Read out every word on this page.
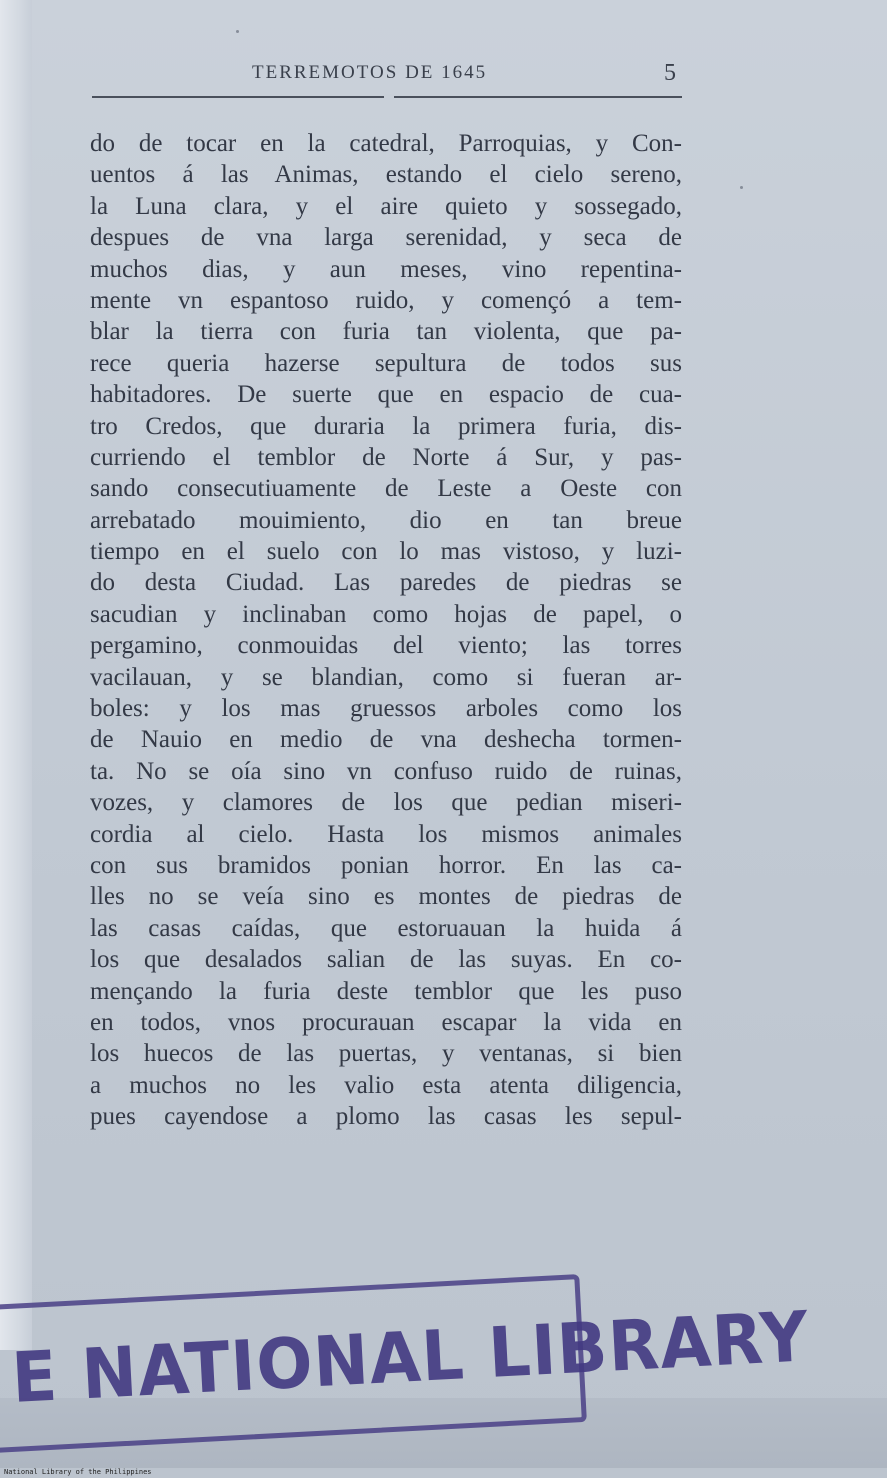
TERREMOTOS DE 1645	5
do de tocar en la catedral, Parroquias, y Con-
uentos á las Animas, estando el cielo sereno,
la Luna clara, y el aire quieto y sossegado,
despues de vna larga serenidad, y seca de
muchos dias, y aun meses, vino repentina-
mente vn espantoso ruido, y començó a tem-
blar la tierra con furia tan violenta, que pa-
rece queria hazerse sepultura de todos sus
habitadores. De suerte que en espacio de cua-
tro Credos, que duraria la primera furia, dis-
curriendo el temblor de Norte á Sur, y pas-
sando consecutiuamente de Leste a Oeste con
arrebatado mouimiento, dio en tan breue
tiempo en el suelo con lo mas vistoso, y luzi-
do desta Ciudad. Las paredes de piedras se
sacudian y inclinaban como hojas de papel, o
pergamino, conmouidas del viento; las torres
vacilauan, y se blandian, como si fueran ar-
boles: y los mas gruessos arboles como los
de Nauio en medio de vna deshecha tormen-
ta. No se oía sino vn confuso ruido de ruinas,
vozes, y clamores de los que pedian miseri-
cordia al cielo. Hasta los mismos animales
con sus bramidos ponian horror. En las ca-
lles no se veía sino es montes de piedras de
las casas caídas, que estoruauan la huida á
los que desalados salian de las suyas. En co-
mençando la furia deste temblor que les puso
en todos, vnos procurauan escapar la vida en
los huecos de las puertas, y ventanas, si bien
a muchos no les valio esta atenta diligencia,
pues cayendose a plomo las casas les sepul-
E NATIONAL LIBRARY
National Library of the Philippines
